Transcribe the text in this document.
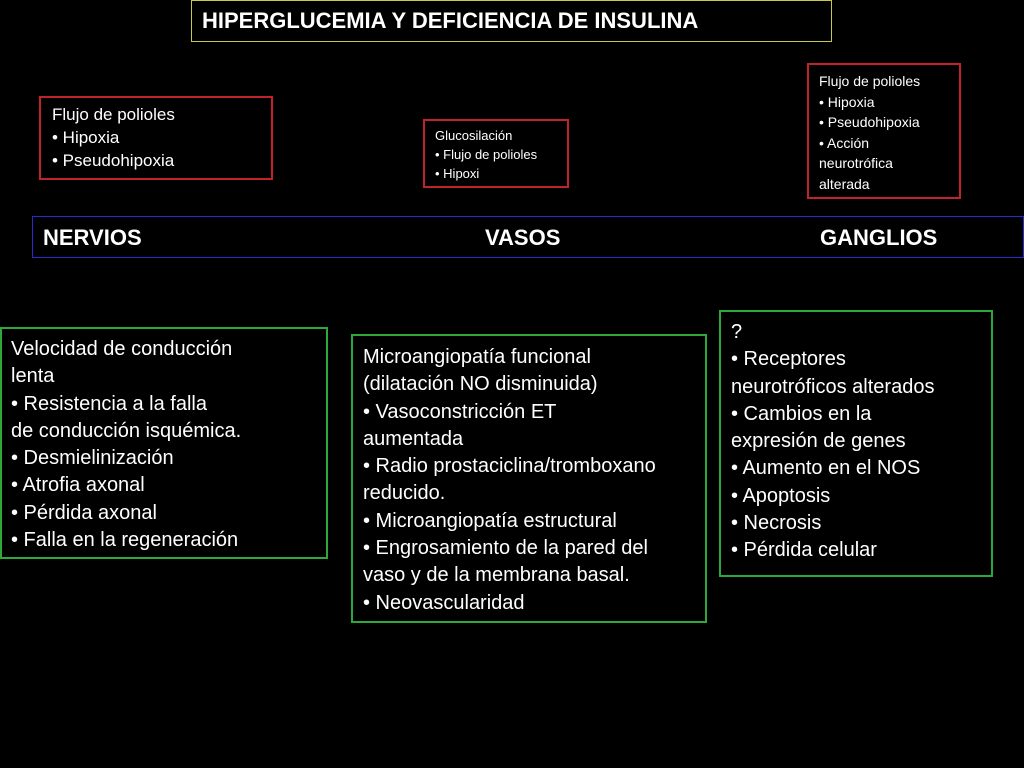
HIPERGLUCEMIA Y DEFICIENCIA DE INSULINA
Flujo de polioles
• Hipoxia
• Pseudohipoxia
Glucosilación
• Flujo de polioles
• Hipoxi
Flujo de polioles
• Hipoxia
• Pseudohipoxia
• Acción
neurotrófica
alterada
NERVIOS	VASOS	GANGLIOS
Velocidad de conducción
lenta
• Resistencia a la falla
de conducción isquémica.
• Desmielinización
• Atrofia axonal
• Pérdida axonal
• Falla en la regeneración
Microangiopatía funcional
(dilatación NO disminuida)
• Vasoconstricción ET
aumentada
• Radio prostaciclina/tromboxano
reducido.
• Microangiopatía estructural
• Engrosamiento de la pared del
vaso y de la membrana basal.
• Neovascularidad
?
• Receptores
neurotróficos alterados
• Cambios en la
expresión de genes
• Aumento en el NOS
• Apoptosis
• Necrosis
• Pérdida celular
